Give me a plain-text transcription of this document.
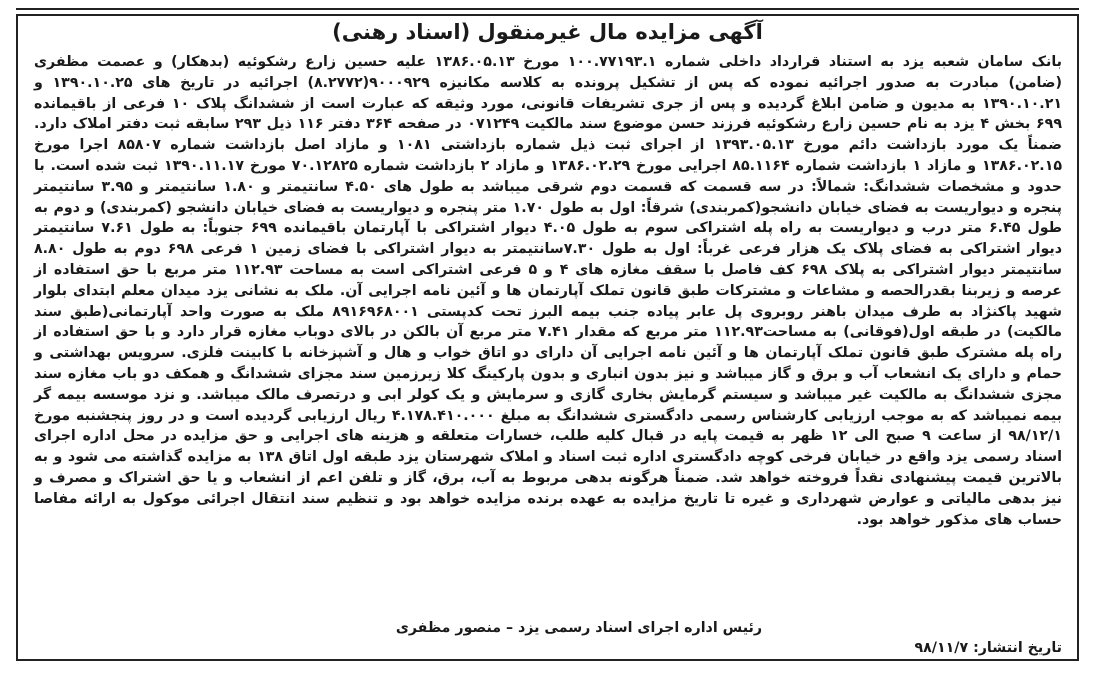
آگهی مزایده مال غیرمنقول (اسناد رهنی)
بانک سامان شعبه یزد به استناد قرارداد داخلی شماره ۱۰۰.۷۷۱۹۳.۱ مورخ ۱۳۸۶.۰۵.۱۳ علیه حسین زارع رشکوئیه (بدهکار) و عصمت مظفری (ضامن) مبادرت به صدور اجرائیه نموده که پس از تشکیل پرونده به کلاسه مکانیزه ۹۰۰۰۹۲۹(۸.۲۷۷۲) اجرائیه در تاریخ های ۱۳۹۰.۱۰.۲۵ و ۱۳۹۰.۱۰.۲۱ به مدیون و ضامن ابلاغ گردیده و پس از جری تشریفات قانونی، مورد وثیقه که عبارت است از ششدانگ پلاک ۱۰ فرعی از باقیمانده ۶۹۹ بخش ۴ یزد به نام حسین زارع رشکوئیه فرزند حسن موضوع سند مالکیت ۰۷۱۲۴۹ در صفحه ۳۶۴ دفتر ۱۱۶ ذیل ۲۹۳ سابقه ثبت دفتر املاک دارد. ضمناً یک مورد بازداشت دائم مورخ ۱۳۹۳.۰۵.۱۳ از اجرای ثبت ذیل شماره بازداشتی ۱۰۸۱ و مازاد اصل بازداشت شماره ۸۵۸۰۷ اجرا مورخ ۱۳۸۶.۰۲.۱۵ و مازاد ۱ بازداشت شماره ۸۵.۱۱۶۴ اجرایی مورخ ۱۳۸۶.۰۲.۲۹ و مازاد ۲ بازداشت شماره ۷۰.۱۲۸۲۵ مورخ ۱۳۹۰.۱۱.۱۷ ثبت شده است. با حدود و مشخصات ششدانگ: شمالاً: در سه قسمت که قسمت دوم شرقی میباشد به طول های ۴.۵۰ سانتیمتر و ۱.۸۰ سانتیمتر و ۳.۹۵ سانتیمتر پنجره و دیواریست به فضای خیابان دانشجو(کمربندی) شرقاً: اول به طول ۱.۷۰ متر پنجره و دیواریست به فضای خیابان دانشجو (کمربندی) و دوم به طول ۶.۴۵ متر درب و دیواریست به راه پله اشتراکی سوم به طول ۴.۰۵ دیوار اشتراکی با آپارتمان باقیمانده ۶۹۹ جنوباً: به طول ۷.۶۱ سانتیمتر دیوار اشتراکی به فضای پلاک یک هزار فرعی غرباً: اول به طول ۷.۳۰سانتیمتر به دیوار اشتراکی با فضای زمین ۱ فرعی ۶۹۸ دوم به طول ۸.۸۰ سانتیمتر دیوار اشتراکی به پلاک ۶۹۸ کف فاصل با سقف مغازه های ۴ و ۵ فرعی اشتراکی است به مساحت ۱۱۲.۹۳ متر مربع با حق استفاده از عرصه و زیربنا بقدرالحصه و مشاعات و مشترکات طبق قانون تملک آپارتمان ها و آئین نامه اجرایی آن. ملک به نشانی یزد میدان معلم ابتدای بلوار شهید پاکنژاد به طرف میدان باهنر روبروی پل عابر پیاده جنب بیمه البرز تحت کدپستی ۸۹۱۶۹۶۸۰۰۱ ملک به صورت واحد آپارتمانی(طبق سند مالکیت) در طبقه اول(فوقانی) به مساحت۱۱۲.۹۳ متر مربع که مقدار ۷.۴۱ متر مربع آن بالکن در بالای دوباب مغازه قرار دارد و با حق استفاده از راه پله مشترک طبق قانون تملک آپارتمان ها و آئین نامه اجرایی آن دارای دو اتاق خواب و هال و آشپزخانه با کابینت فلزی. سرویس بهداشتی و حمام و دارای یک انشعاب آب و برق و گاز میباشد و نیز بدون انباری و بدون پارکینگ کلا زیرزمین سند مجزای ششدانگ و همکف دو باب مغازه سند مجزی ششدانگ به مالکیت غیر میباشد و سیستم گرمایش بخاری گازی و سرمایش و یک کولر ابی و درتصرف مالک میباشد. و نزد موسسه بیمه گر بیمه نمیباشد که به موجب ارزیابی کارشناس رسمی دادگستری ششدانگ به مبلغ ۴.۱۷۸.۴۱۰.۰۰۰ ریال ارزیابی گردیده است و در روز پنجشنبه مورخ ۹۸/۱۲/۱ از ساعت ۹ صبح الی ۱۲ ظهر به قیمت پایه در قبال کلیه طلب، خسارات متعلقه و هزینه های اجرایی و حق مزایده در محل اداره اجرای اسناد رسمی یزد واقع در خیابان فرخی کوچه دادگستری اداره ثبت اسناد و املاک شهرستان یزد طبقه اول اتاق ۱۳۸ به مزایده گذاشته می شود و به بالاترین قیمت پیشنهادی نقداً فروخته خواهد شد. ضمناً هرگونه بدهی مربوط به آب، برق، گاز و تلفن اعم از انشعاب و یا حق اشتراک و مصرف و نیز بدهی مالیاتی و عوارض شهرداری و غیره تا تاریخ مزایده به عهده برنده مزایده خواهد بود و تنظیم سند انتقال اجرائی موکول به ارائه مفاصا حساب های مذکور خواهد بود.
رئیس اداره اجرای اسناد رسمی یزد – منصور مظفری
تاریخ انتشار: ۹۸/۱۱/۷
